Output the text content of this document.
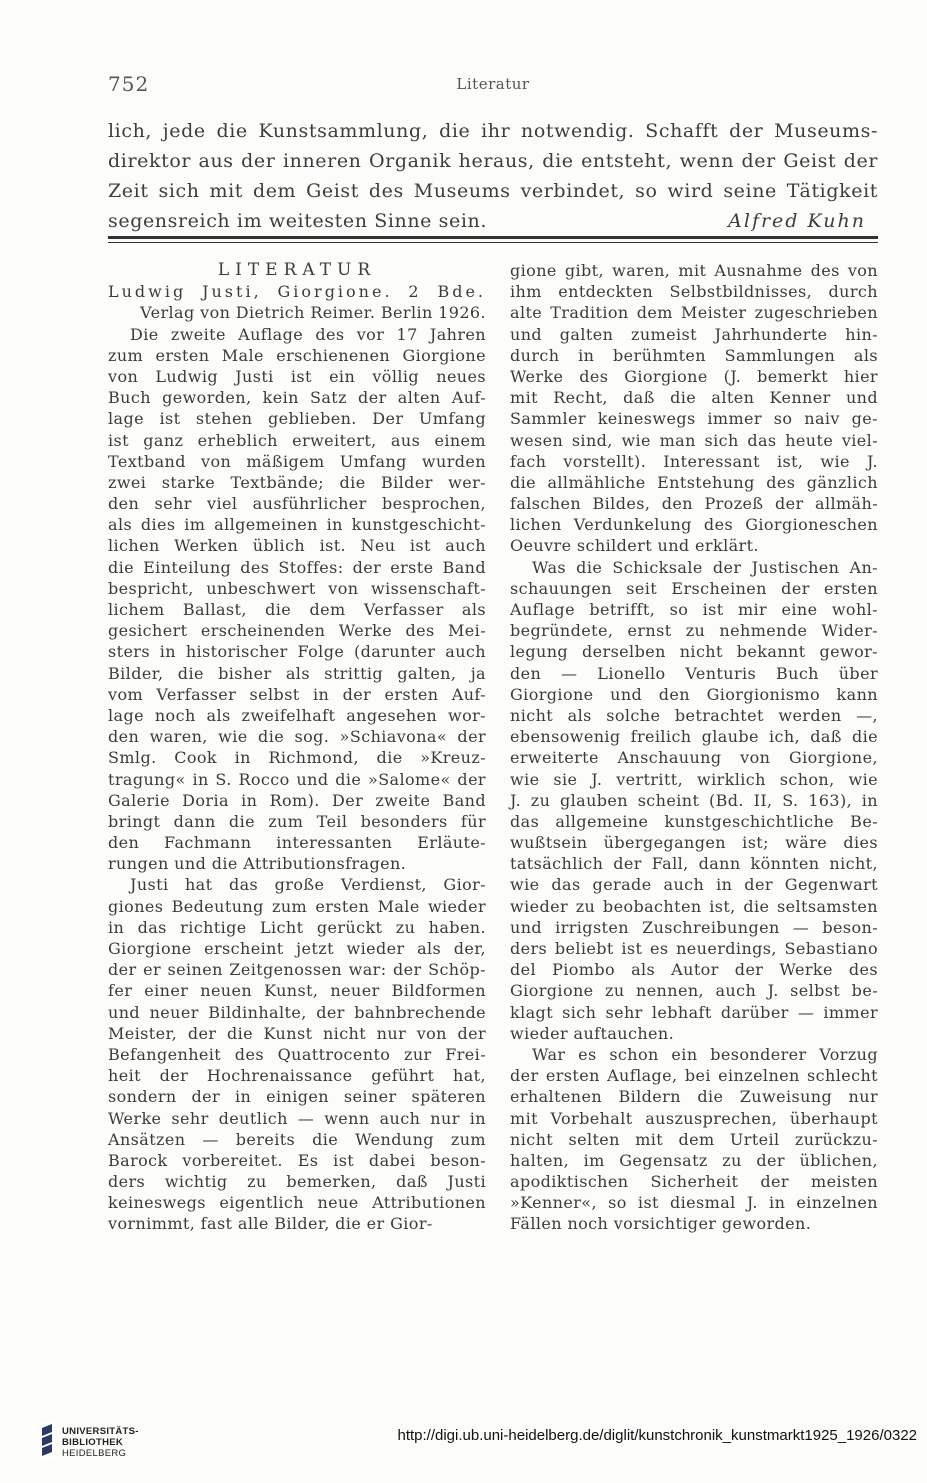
752	Literatur
lich, jede die Kunstsammlung, die ihr notwendig. Schafft der Museums-
direktor aus der inneren Organik heraus, die entsteht, wenn der Geist der
Zeit sich mit dem Geist des Museums verbindet, so wird seine Tätigkeit
segensreich im weitesten Sinne sein.	Alfred Kuhn
LITERATUR
Ludwig Justi, Giorgione. 2 Bde.
Verlag von Dietrich Reimer. Berlin 1926.
Die zweite Auflage des vor 17 Jahren
zum ersten Male erschienenen Giorgione
von Ludwig Justi ist ein völlig neues
Buch geworden, kein Satz der alten Auf-
lage ist stehen geblieben. Der Umfang
ist ganz erheblich erweitert, aus einem
Textband von mäßigem Umfang wurden
zwei starke Textbände; die Bilder wer-
den sehr viel ausführlicher besprochen,
als dies im allgemeinen in kunstgeschicht-
lichen Werken üblich ist. Neu ist auch
die Einteilung des Stoffes: der erste Band
bespricht, unbeschwert von wissenschaft-
lichem Ballast, die dem Verfasser als
gesichert erscheinenden Werke des Mei-
sters in historischer Folge (darunter auch
Bilder, die bisher als strittig galten, ja
vom Verfasser selbst in der ersten Auf-
lage noch als zweifelhaft angesehen wor-
den waren, wie die sog. »Schiavona« der
Smlg. Cook in Richmond, die »Kreuz-
tragung« in S. Rocco und die »Salome« der
Galerie Doria in Rom). Der zweite Band
bringt dann die zum Teil besonders für
den Fachmann interessanten Erläute-
rungen und die Attributionsfragen.
Justi hat das große Verdienst, Gior-
giones Bedeutung zum ersten Male wieder
in das richtige Licht gerückt zu haben.
Giorgione erscheint jetzt wieder als der,
der er seinen Zeitgenossen war: der Schöp-
fer einer neuen Kunst, neuer Bildformen
und neuer Bildinhalte, der bahnbrechende
Meister, der die Kunst nicht nur von der
Befangenheit des Quattrocento zur Frei-
heit der Hochrenaissance geführt hat,
sondern der in einigen seiner späteren
Werke sehr deutlich — wenn auch nur in
Ansätzen — bereits die Wendung zum
Barock vorbereitet. Es ist dabei beson-
ders wichtig zu bemerken, daß Justi
keineswegs eigentlich neue Attributionen
vornimmt, fast alle Bilder, die er Gior-
gione gibt, waren, mit Ausnahme des von
ihm entdeckten Selbstbildnisses, durch
alte Tradition dem Meister zugeschrieben
und galten zumeist Jahrhunderte hin-
durch in berühmten Sammlungen als
Werke des Giorgione (J. bemerkt hier
mit Recht, daß die alten Kenner und
Sammler keineswegs immer so naiv ge-
wesen sind, wie man sich das heute viel-
fach vorstellt). Interessant ist, wie J.
die allmähliche Entstehung des gänzlich
falschen Bildes, den Prozeß der allmäh-
lichen Verdunkelung des Giorgioneschen
Oeuvre schildert und erklärt.
Was die Schicksale der Justischen An-
schauungen seit Erscheinen der ersten
Auflage betrifft, so ist mir eine wohl-
begründete, ernst zu nehmende Wider-
legung derselben nicht bekannt gewor-
den — Lionello Venturis Buch über
Giorgione und den Giorgionismo kann
nicht als solche betrachtet werden —,
ebensowenig freilich glaube ich, daß die
erweiterte Anschauung von Giorgione,
wie sie J. vertritt, wirklich schon, wie
J. zu glauben scheint (Bd. II, S. 163), in
das allgemeine kunstgeschichtliche Be-
wußtsein übergegangen ist; wäre dies
tatsächlich der Fall, dann könnten nicht,
wie das gerade auch in der Gegenwart
wieder zu beobachten ist, die seltsamsten
und irrigsten Zuschreibungen — beson-
ders beliebt ist es neuerdings, Sebastiano
del Piombo als Autor der Werke des
Giorgione zu nennen, auch J. selbst be-
klagt sich sehr lebhaft darüber — immer
wieder auftauchen.
War es schon ein besonderer Vorzug
der ersten Auflage, bei einzelnen schlecht
erhaltenen Bildern die Zuweisung nur
mit Vorbehalt auszusprechen, überhaupt
nicht selten mit dem Urteil zurückzu-
halten, im Gegensatz zu der üblichen,
apodiktischen Sicherheit der meisten
»Kenner«, so ist diesmal J. in einzelnen
Fällen noch vorsichtiger geworden.
UNIVERSITÄTS-
BIBLIOTHEK
HEIDELBERG
http://digi.ub.uni-heidelberg.de/diglit/kunstchronik_kunstmarkt1925_1926/0322
